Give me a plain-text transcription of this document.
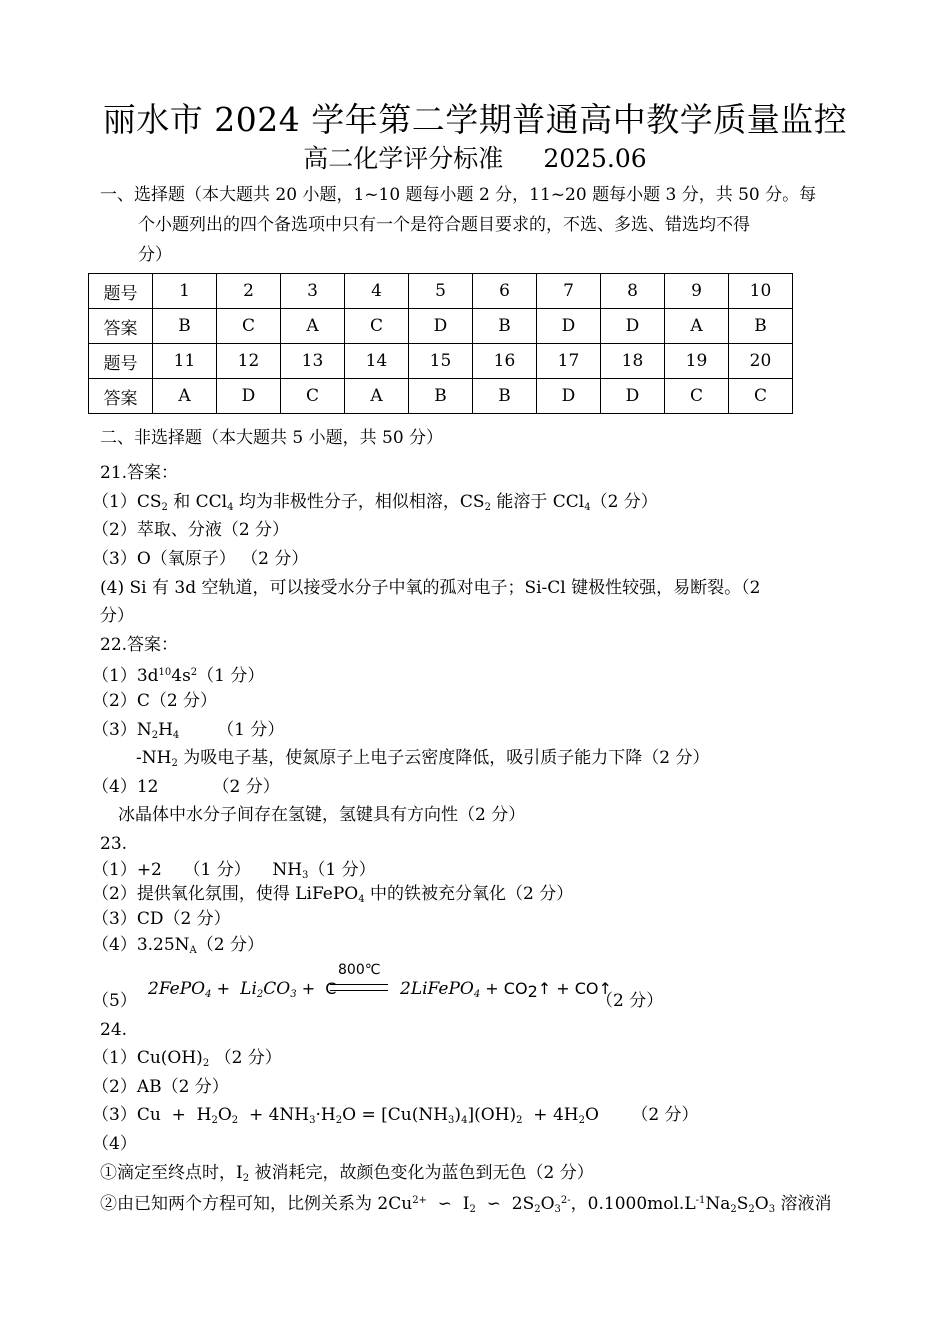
丽水市 2024 学年第二学期普通高中教学质量监控
高二化学评分标准 2025.06
一、选择题（本大题共 20 小题，1~10 题每小题 2 分，11~20 题每小题 3 分，共 50 分。每
个小题列出的四个备选项中只有一个是符合题目要求的，不选、多选、错选均不得
分）
题号	1	2	3	4	5	6	7	8	9	10
答案	B	C	A	C	D	B	D	D	A	B
题号	11	12	13	14	15	16	17	18	19	20
答案	A	D	C	A	B	B	D	D	C	C
二、非选择题（本大题共 5 小题，共 50 分）
21.答案：
$(1)CS_2$ 和 CCl$_4$ 均为非极性分子，相似相溶，$CS_2$ 能溶于 CCl$_4$（2 分）
（2）萃取、分液（2 分）
（3）O（氧原子） （2 分）
(4) Si 有 3d 空轨道，可以接受水分子中氧的孤对电子；Si-Cl 键极性较强，易断裂。（2
分）
22.答案：
$(1)3d^{10}4s^2(1$ 分）
（2）C（2 分）
$(3)N_2H_4$       （1 分）
$-NH_2$ 为吸电子基，使氮原子上电子云密度降低，吸引质子能力下降（2 分）
（4）12          （2 分）
冰晶体中水分子间存在氢键，氢键具有方向性（2 分）
23.
（1）+2    （1 分）    $NH_3(1$ 分）
（2）提供氧化氛围，使得 LiFePO$_4$ 中的铁被充分氧化（2 分）
（3）CD（2 分）
$(4)3.25N_A(2$ 分）
（5）
2FePO$_4$ +  $Li_2CO_3 + C$	2LiFePO$_4$ + $CO_2↑$ + CO↑
800℃
（2 分）
24.
$(1)Cu(OH)_2$ （2 分）
（2）AB（2 分）
$(3)Cu + H_2O_2 + 4NH_3\cdot H_2O = [Cu(NH_3)_4](OH)_2 + 4H_2O$      （2 分）
（4）
①滴定至终点时，$I_2$ 被消耗完，故颜色变化为蓝色到无色（2 分）
②由已知两个方程可知，比例关系为 $2Cu^{2+}$  ∽  $I_2$  ∽  $2S_2O_3^{2-}$，$0.1000mol.L^{-1}Na_2S_2O_3$ 溶液消
